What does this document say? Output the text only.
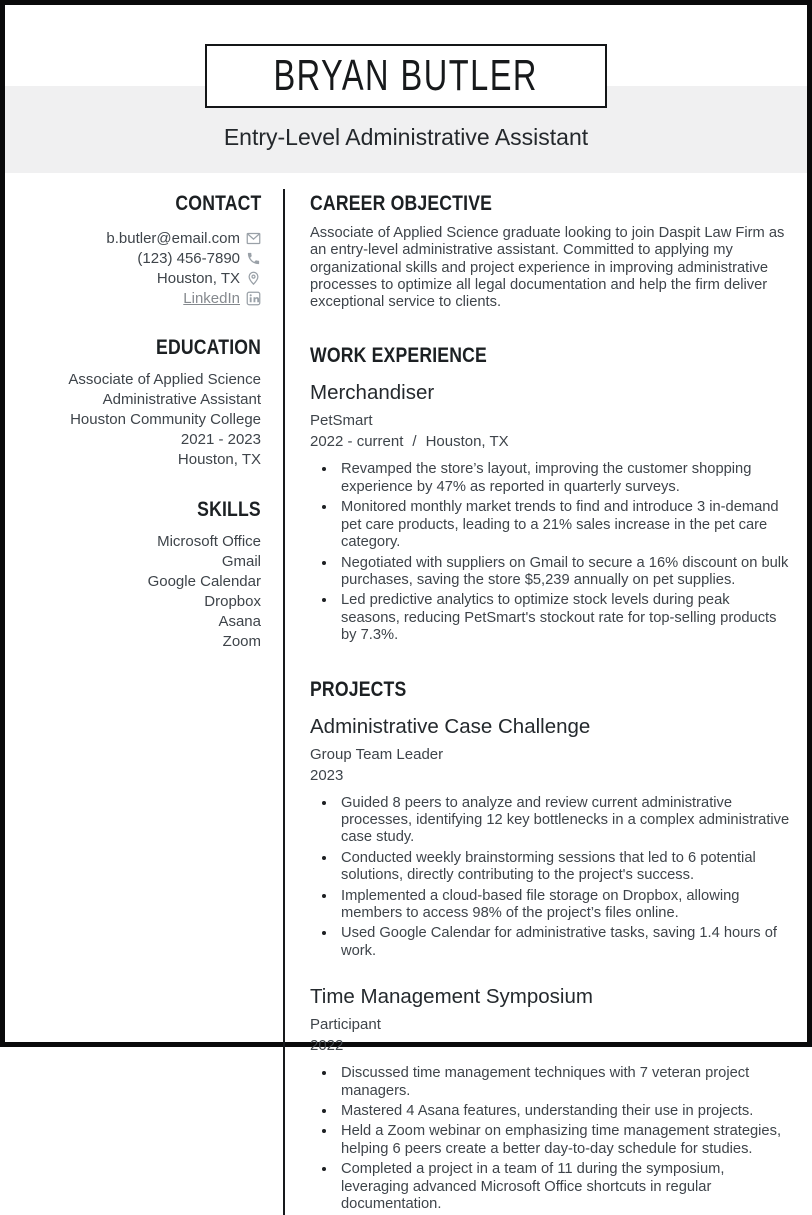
BRYAN BUTLER
Entry-Level Administrative Assistant
CONTACT
b.butler@email.com
(123) 456-7890
Houston, TX
LinkedIn
EDUCATION
Associate of Applied Science
Administrative Assistant
Houston Community College
2021 - 2023
Houston, TX
SKILLS
Microsoft Office
Gmail
Google Calendar
Dropbox
Asana
Zoom
CAREER OBJECTIVE
Associate of Applied Science graduate looking to join Daspit Law Firm as an entry-level administrative assistant. Committed to applying my organizational skills and project experience in improving administrative processes to optimize all legal documentation and help the firm deliver exceptional service to clients.
WORK EXPERIENCE
Merchandiser
PetSmart
2022 - current / Houston, TX
• Revamped the store’s layout, improving the customer shopping experience by 47% as reported in quarterly surveys.
• Monitored monthly market trends to find and introduce 3 in-demand pet care products, leading to a 21% sales increase in the pet care category.
• Negotiated with suppliers on Gmail to secure a 16% discount on bulk purchases, saving the store $5,239 annually on pet supplies.
• Led predictive analytics to optimize stock levels during peak seasons, reducing PetSmart's stockout rate for top-selling products by 7.3%.
PROJECTS
Administrative Case Challenge
Group Team Leader
2023
• Guided 8 peers to analyze and review current administrative processes, identifying 12 key bottlenecks in a complex administrative case study.
• Conducted weekly brainstorming sessions that led to 6 potential solutions, directly contributing to the project's success.
• Implemented a cloud-based file storage on Dropbox, allowing members to access 98% of the project’s files online.
• Used Google Calendar for administrative tasks, saving 1.4 hours of work.
Time Management Symposium
Participant
2022
• Discussed time management techniques with 7 veteran project managers.
• Mastered 4 Asana features, understanding their use in projects.
• Held a Zoom webinar on emphasizing time management strategies, helping 6 peers create a better day-to-day schedule for studies.
• Completed a project in a team of 11 during the symposium, leveraging advanced Microsoft Office shortcuts in regular documentation.
